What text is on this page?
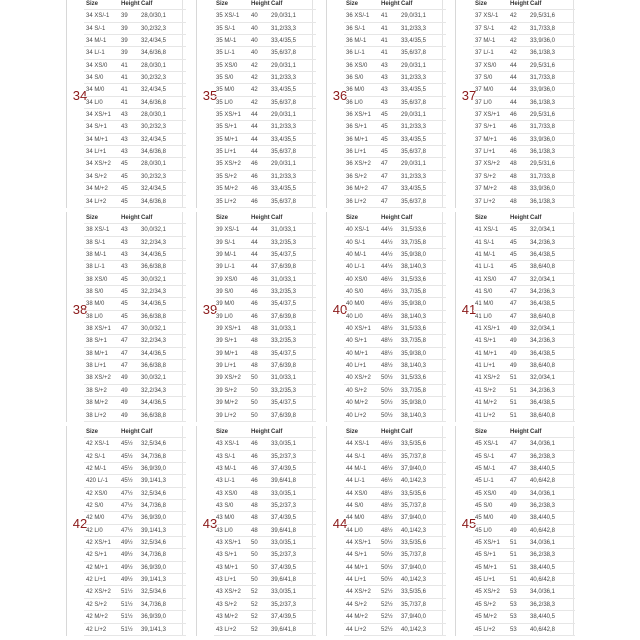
34
Size	Height Calf
34 XS/-1 39 28,0/30,1
34 S/-1	39 30,2/32,3
34 M/-1 39 32,4/34,5
34 L/-1	39 34,6/36,8
34 XS/0 41 28,0/30,1
34 S/0	41 30,2/32,3
34 M/0	41 32,4/34,5
34 L/0	41 34,6/36,8
34 XS/+1 43 28,0/30,1
34 S/+1 43 30,2/32,3
34 M/+1 43 32,4/34,5
34 L/+1 43 34,6/36,8
34 XS/+2 45 28,0/30,1
34 S/+2 45 30,2/32,3
34 M/+2 45 32,4/34,5
34 L/+2 45 34,6/36,8
35
Size	Height Calf
35 XS/-1 40 29,0/31,1
35 S/-1	40 31,2/33,3
35 M/-1 40 33,4/35,5
35 L/-1	40 35,6/37,8
35 XS/0 42 29,0/31,1
35 S/0	42 31,2/33,3
35 M/0	42 33,4/35,5
35 L/0	42 35,6/37,8
35 XS/+1 44 29,0/31,1
35 S/+1 44 31,2/33,3
35 M/+1 44 33,4/35,5
35 L/+1 44 35,6/37,8
35 XS/+2 46 29,0/31,1
35 S/+2 46 31,2/33,3
35 M/+2 46 33,4/35,5
35 L/+2 46 35,6/37,8
36
Size	Height Calf
36 XS/-1 41 29,0/31,1
36 S/-1	41 31,2/33,3
36 M/-1 41 33,4/35,5
36 L/-1	41 35,6/37,8
36 XS/0 43 29,0/31,1
36 S/0	43 31,2/33,3
36 M/0	43 33,4/35,5
36 L/0	43 35,6/37,8
36 XS/+1 45 29,0/31,1
36 S/+1 45 31,2/33,3
36 M/+1 45 33,4/35,5
36 L/+1 45 35,6/37,8
36 XS/+2 47 29,0/31,1
36 S/+2 47 31,2/33,3
36 M/+2 47 33,4/35,5
36 L/+2 47 35,6/37,8
37
Size	Height Calf
37 XS/-1 42 29,5/31,6
37 S/-1	42 31,7/33,8
37 M/-1 42 33,9/36,0
37 L/-1	42 36,1/38,3
37 XS/0 44 29,5/31,6
37 S/0	44 31,7/33,8
37 M/0	44 33,9/36,0
37 L/0	44 36,1/38,3
37 XS/+1 46 29,5/31,6
37 S/+1 46 31,7/33,8
37 M/+1 46 33,9/36,0
37 L/+1 46 36,1/38,3
37 XS/+2 48 29,5/31,6
37 S/+2 48 31,7/33,8
37 M/+2 48 33,9/36,0
37 L/+2 48 36,1/38,3
38
Size	Height Calf
38 XS/-1 43 30,0/32,1
38 S/-1	43 32,2/34,3
38 M/-1 43 34,4/36,5
38 L/-1	43 36,6/38,8
38 XS/0 45 30,0/32,1
38 S/0	45 32,2/34,3
38 M/0	45 34,4/36,5
38 L/0	45 36,6/38,8
38 XS/+1 47 30,0/32,1
38 S/+1 47 32,2/34,3
38 M/+1 47 34,4/36,5
38 L/+1 47 36,6/38,8
38 XS/+2 49 30,0/32,1
38 S/+2 49 32,2/34,3
38 M/+2 49 34,4/36,5
38 L/+2 49 36,6/38,8
39
Size	Height Calf
39 XS/-1 44 31,0/33,1
39 S/-1	44 33,2/35,3
39 M/-1 44 35,4/37,5
39 L/-1	44 37,6/39,8
39 XS/0 46 31,0/33,1
39 S/0	46 33,2/35,3
39 M/0	46 35,4/37,5
39 L/0	46 37,6/39,8
39 XS/+1 48 31,0/33,1
39 S/+1 48 33,2/35,3
39 M/+1 48 35,4/37,5
39 L/+1 48 37,6/39,8
39 XS/+2 50 31,0/33,1
39 S/+2 50 33,2/35,3
39 M/+2 50 35,4/37,5
39 L/+2 50 37,6/39,8
40
Size	Height Calf
40 XS/-1 44½ 31,5/33,6
40 S/-1	44½ 33,7/35,8
40 M/-1 44½ 35,9/38,0
40 L/-1	44½ 38,1/40,3
40 XS/0 46½ 31,5/33,6
40 S/0	46½ 33,7/35,8
40 M/0	46½ 35,9/38,0
40 L/0	46½ 38,1/40,3
40 XS/+1 48½ 31,5/33,6
40 S/+1 48½ 33,7/35,8
40 M/+1 48½ 35,9/38,0
40 L/+1 48½ 38,1/40,3
40 XS/+2 50½ 31,5/33,6
40 S/+2 50½ 33,7/35,8
40 M/+2 50½ 35,9/38,0
40 L/+2 50½ 38,1/40,3
41
Size	Height Calf
41 XS/-1 45 32,0/34,1
41 S/-1	45 34,2/36,3
41 M/-1 45 36,4/38,5
41 L/-1	45 38,6/40,8
41 XS/0 47 32,0/34,1
41 S/0	47 34,2/36,3
41 M/0	47 36,4/38,5
41 L/0	47 38,6/40,8
41 XS/+1 49 32,0/34,1
41 S/+1 49 34,2/36,3
41 M/+1 49 36,4/38,5
41 L/+1 49 38,6/40,8
41 XS/+2 51 32,0/34,1
41 S/+2 51 34,2/36,3
41 M/+2 51 36,4/38,5
41 L/+2 51 38,6/40,8
42
Size	Height Calf
42 XS/-1 45½ 32,5/34,6
42 S/-1	45½ 34,7/36,8
42 M/-1 45½ 36,9/39,0
420 L/-1 45½ 39,1/41,3
42 XS/0 47½ 32,5/34,6
42 S/0	47½ 34,7/36,8
42 M/0	47½ 36,9/39,0
42 L/0	47½ 39,1/41,3
42 XS/+1 49½ 32,5/34,6
42 S/+1 49½ 34,7/36,8
42 M/+1 49½ 36,9/39,0
42 L/+1 49½ 39,1/41,3
42 XS/+2 51½ 32,5/34,6
42 S/+2 51½ 34,7/36,8
42 M/+2 51½ 36,9/39,0
42 L/+2 51½ 39,1/41,3
43
Size	Height Calf
43 XS/-1 46 33,0/35,1
43 S/-1	46 35,2/37,3
43 M/-1 46 37,4/39,5
43 L/-1	46 39,6/41,8
43 XS/0 48 33,0/35,1
43 S/0	48 35,2/37,3
43 M/0	48 37,4/39,5
43 L/0	48 39,6/41,8
43 XS/+1 50 33,0/35,1
43 S/+1 50 35,2/37,3
43 M/+1 50 37,4/39,5
43 L/+1 50 39,6/41,8
43 XS/+2 52 33,0/35,1
43 S/+2 52 35,2/37,3
43 M/+2 52 37,4/39,5
43 L/+2 52 39,6/41,8
44
Size	Height Calf
44 XS/-1 46½ 33,5/35,6
44 S/-1	46½ 35,7/37,8
44 M/-1 46½ 37,9/40,0
44 L/-1	46½ 40,1/42,3
44 XS/0 48½ 33,5/35,6
44 S/0	48½ 35,7/37,8
44 M/0	48½ 37,9/40,0
44 L/0	48½ 40,1/42,3
44 XS/+1 50½ 33,5/35,6
44 S/+1 50½ 35,7/37,8
44 M/+1 50½ 37,9/40,0
44 L/+1 50½ 40,1/42,3
44 XS/+2 52½ 33,5/35,6
44 S/+2 52½ 35,7/37,8
44 M/+2 52½ 37,9/40,0
44 L/+2 52½ 40,1/42,3
45
Size	Height Calf
45 XS/-1 47 34,0/36,1
45 S/-1	47 36,2/38,3
45 M/-1 47 38,4/40,5
45 L/-1	47 40,6/42,8
45 XS/0 49 34,0/36,1
45 S/0	49 36,2/38,3
45 M/0	49 38,4/40,5
45 L/0	49 40,6/42,8
45 XS/+1 51 34,0/36,1
45 S/+1 51 36,2/38,3
45 M/+1 51 38,4/40,5
45 L/+1 51 40,6/42,8
45 XS/+2 53 34,0/36,1
45 S/+2 53 36,2/38,3
45 M/+2 53 38,4/40,5
45 L/+2 53 40,6/42,8
